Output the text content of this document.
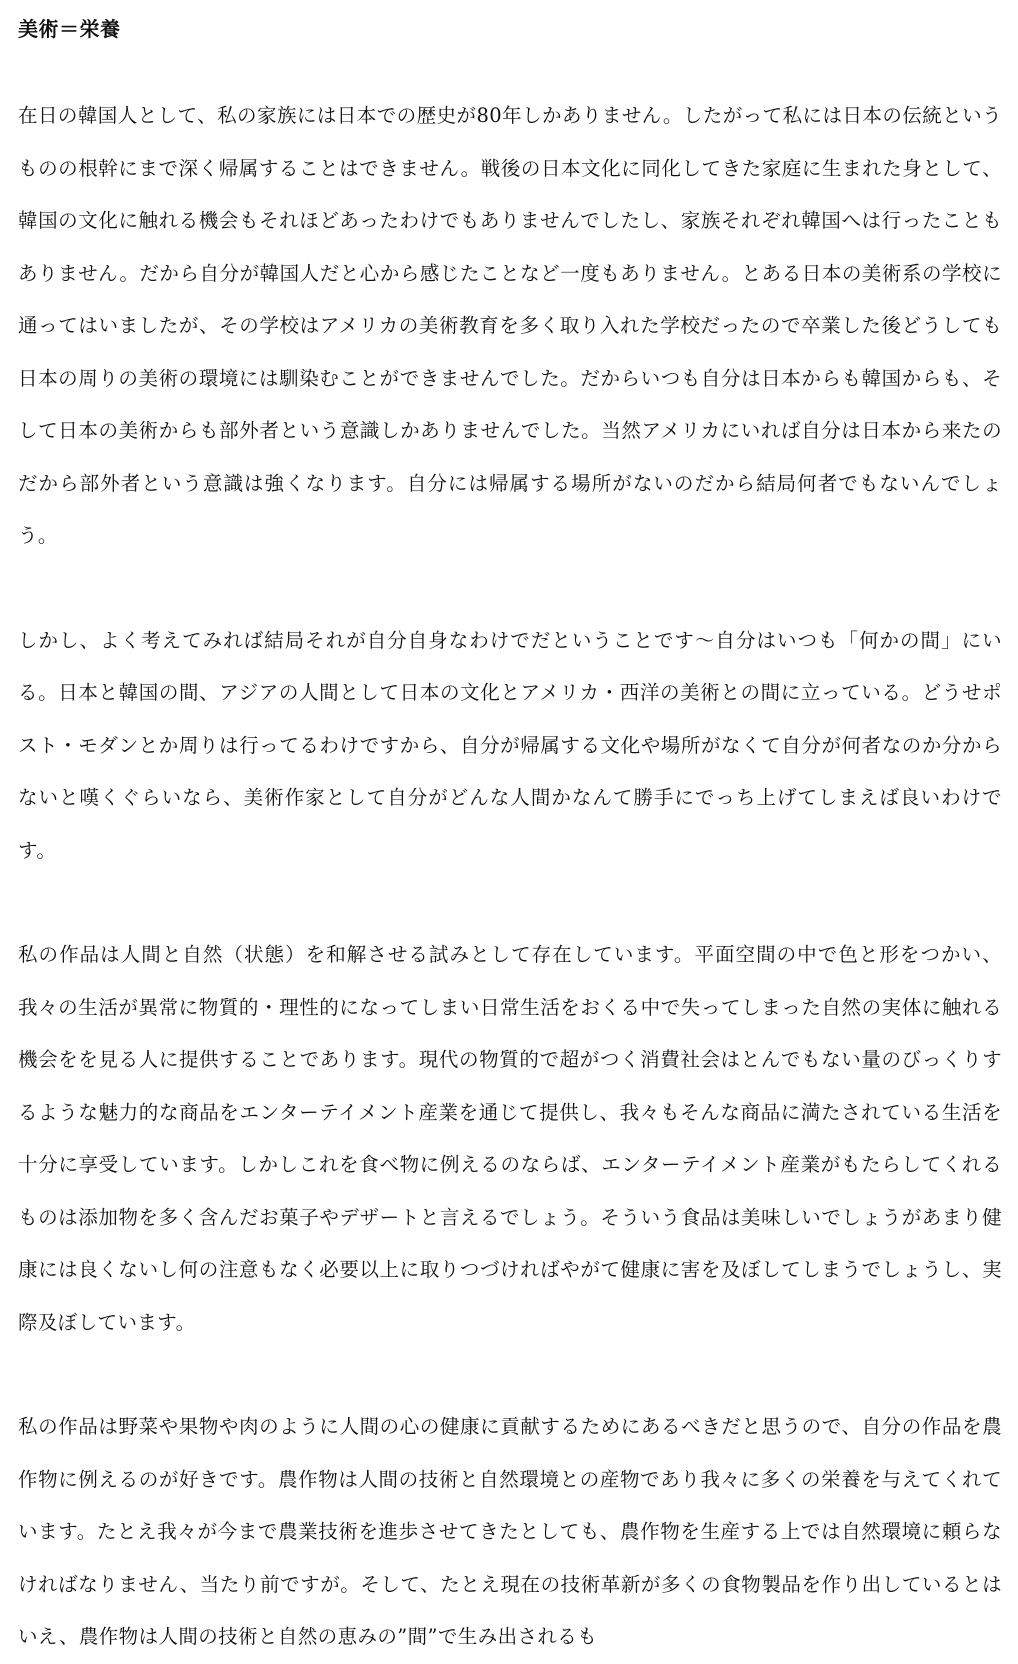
美術＝栄養

在日の韓国人として、私の家族には日本での歴史が80年しかありません。したがって私には日本の伝統というものの根幹にまで深く帰属することはできません。戦後の日本文化に同化してきた家庭に生まれた身として、韓国の文化に触れる機会もそれほどあったわけでもありませんでしたし、家族それぞれ韓国へは行ったこともありません。だから自分が韓国人だと心から感じたことなど一度もありません。とある日本の美術系の学校に通ってはいましたが、その学校はアメリカの美術教育を多く取り入れた学校だったので卒業した後どうしても日本の周りの美術の環境には馴染むことができませんでした。だからいつも自分は日本からも韓国からも、そして日本の美術からも部外者という意識しかありませんでした。当然アメリカにいれば自分は日本から来たのだから部外者という意識は強くなります。自分には帰属する場所がないのだから結局何者でもないんでしょう。

しかし、よく考えてみれば結局それが自分自身なわけでだということです〜自分はいつも「何かの間」にいる。日本と韓国の間、アジアの人間として日本の文化とアメリカ・西洋の美術との間に立っている。どうせポスト・モダンとか周りは行ってるわけですから、自分が帰属する文化や場所がなくて自分が何者なのか分からないと嘆くぐらいなら、美術作家として自分がどんな人間かなんて勝手にでっち上げてしまえば良いわけです。

私の作品は人間と自然（状態）を和解させる試みとして存在しています。平面空間の中で色と形をつかい、我々の生活が異常に物質的・理性的になってしまい日常生活をおくる中で失ってしまった自然の実体に触れる機会をを見る人に提供することであります。現代の物質的で超がつく消費社会はとんでもない量のびっくりするような魅力的な商品をエンターテイメント産業を通じて提供し、我々もそんな商品に満たされている生活を十分に享受しています。しかしこれを食べ物に例えるのならば、エンターテイメント産業がもたらしてくれるものは添加物を多く含んだお菓子やデザートと言えるでしょう。そういう食品は美味しいでしょうがあまり健康には良くないし何の注意もなく必要以上に取りつづければやがて健康に害を及ぼしてしまうでしょうし、実際及ぼしています。

私の作品は野菜や果物や肉のように人間の心の健康に貢献するためにあるべきだと思うので、自分の作品を農作物に例えるのが好きです。農作物は人間の技術と自然環境との産物であり我々に多くの栄養を与えてくれています。たとえ我々が今まで農業技術を進歩させてきたとしても、農作物を生産する上では自然環境に頼らなければなりません、当たり前ですが。そして、たとえ現在の技術革新が多くの食物製品を作り出しているとはいえ、農作物は人間の技術と自然の恵みの”間”で生み出されるも
